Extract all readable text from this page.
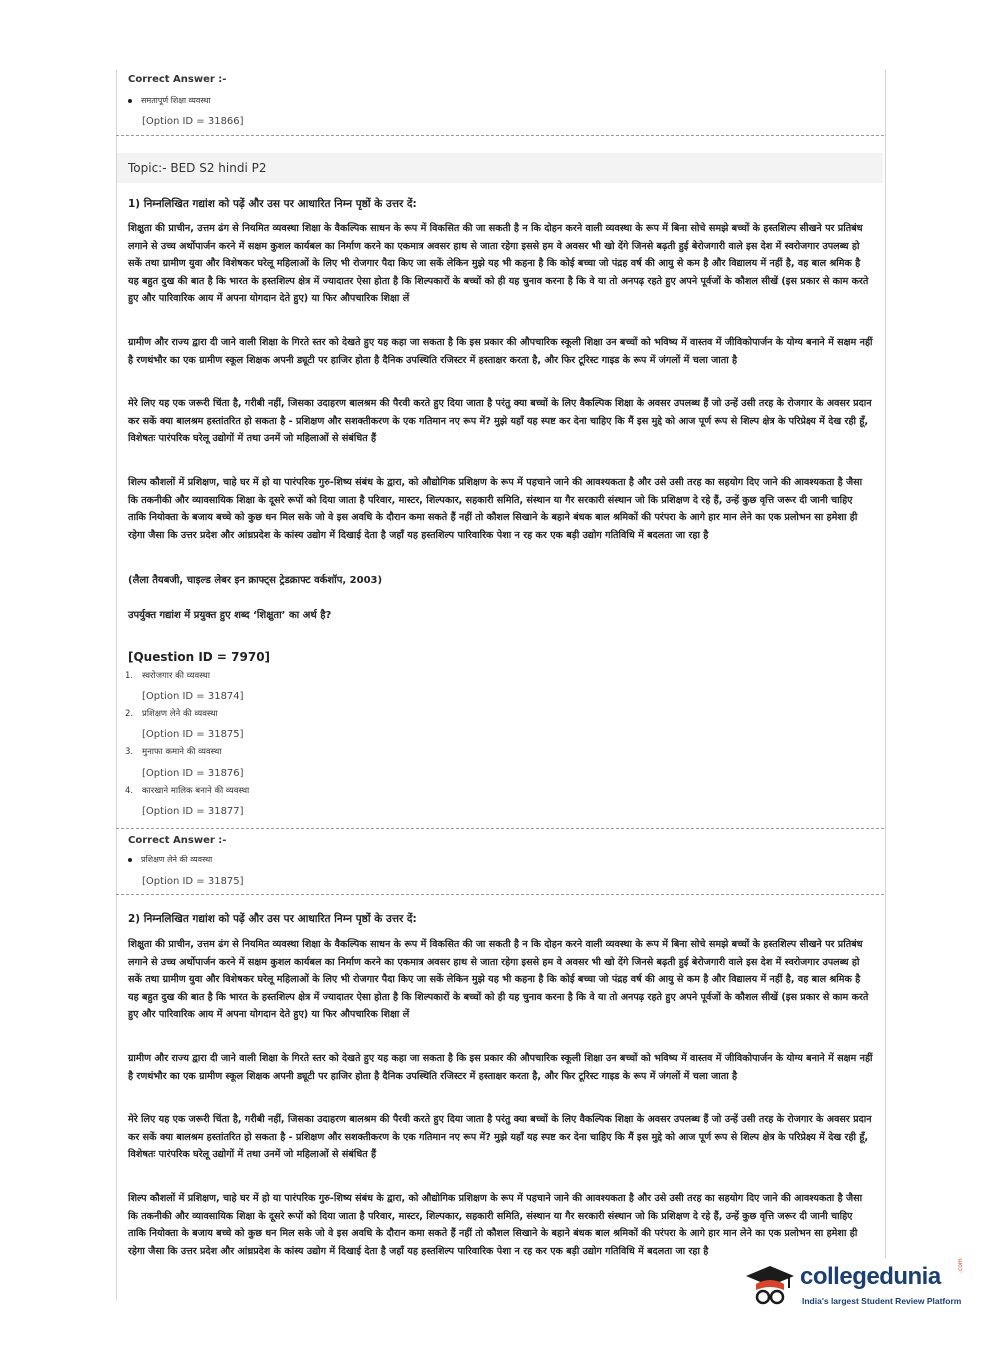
Correct Answer :-
समतापूर्ण शिक्षा व्यवस्था
[Option ID = 31866]
Topic:- BED S2 hindi P2
1) निम्नलिखित गद्यांश को पढ़ें और उस पर आधारित निम्न पृष्ठों के उत्तर दें:

शिक्षुता की प्राचीन, उत्तम ढंग से नियमित व्यवस्था शिक्षा के वैकल्पिक साधन के रूप में विकसित की जा सकती है न कि दोहन करने वाली व्यवस्था के रूप में बिना सोचे समझे बच्चों के हस्तशिल्प सीखने पर प्रतिबंध लगाने से उच्च अर्थोपार्जन करने में सक्षम कुशल कार्यबल का निर्माण करने का एकमात्र अवसर हाथ से जाता रहेगा इससे हम वे अवसर भी खो देंगे जिनसे बढ़ती हुई बेरोजगारी वाले इस देश में स्वरोजगार उपलब्ध हो सकें तथा ग्रामीण युवा और विशेषकर घरेलू महिलाओं के लिए भी रोजगार पैदा किए जा सकें लेकिन मुझे यह भी कहना है कि कोई बच्चा जो पंद्रह वर्ष की आयु से कम है और विद्यालय में नहीं है, वह बाल श्रमिक है यह बहुत दुख की बात है कि भारत के हस्तशिल्प क्षेत्र में ज्यादातर ऐसा होता है कि शिल्पकारों के बच्चों को ही यह चुनाव करना है कि वे या तो अनपढ़ रहते हुए अपने पूर्वजों के कौशल सीखें (इस प्रकार से काम करते हुए और पारिवारिक आय में अपना योगदान देते हुए) या फिर औपचारिक शिक्षा लें

ग्रामीण और राज्य द्वारा दी जाने वाली शिक्षा के गिरते स्तर को देखते हुए यह कहा जा सकता है कि इस प्रकार की औपचारिक स्कूली शिक्षा उन बच्चों को भविष्य में वास्तव में जीविकोपार्जन के योग्य बनाने में सक्षम नहीं है रणथंभौर का एक ग्रामीण स्कूल शिक्षक अपनी ड्यूटी पर हाजिर होता है दैनिक उपस्थिति रजिस्टर में हस्ताक्षर करता है, और फिर टूरिस्ट गाइड के रूप में जंगलों में चला जाता है

मेरे लिए यह एक जरूरी चिंता है, गरीबी नहीं, जिसका उदाहरण बालश्रम की पैरवी करते हुए दिया जाता है परंतु क्या बच्चों के लिए वैकल्पिक शिक्षा के अवसर उपलब्ध हैं जो उन्हें उसी तरह के रोजगार के अवसर प्रदान कर सकें क्या बालश्रम हस्तांतरित हो सकता है - प्रशिक्षण और सशक्तीकरण के एक गतिमान नए रूप में? मुझे यहाँ यह स्पष्ट कर देना चाहिए कि मैं इस मुद्दे को आज पूर्ण रूप से शिल्प क्षेत्र के परिप्रेक्ष्य में देख रही हूँ, विशेषतः पारंपरिक घरेलू उद्योगों में तथा उनमें जो महिलाओं से संबंधित हैं

शिल्प कौशलों में प्रशिक्षण, चाहे घर में हो या पारंपरिक गुरु-शिष्य संबंध के द्वारा, को औद्योगिक प्रशिक्षण के रूप में पहचाने जाने की आवश्यकता है और उसे उसी तरह का सहयोग दिए जाने की आवश्यकता है जैसा कि तकनीकी और व्यावसायिक शिक्षा के दूसरे रूपों को दिया जाता है परिवार, मास्टर, शिल्पकार, सहकारी समिति, संस्थान या गैर सरकारी संस्थान जो कि प्रशिक्षण दे रहे हैं, उन्हें कुछ वृत्ति जरूर दी जानी चाहिए ताकि नियोक्ता के बजाय बच्चे को कुछ धन मिल सके जो वे इस अवधि के दौरान कमा सकते हैं नहीं तो कौशल सिखाने के बहाने बंधक बाल श्रमिकों की परंपरा के आगे हार मान लेने का एक प्रलोभन सा हमेशा ही रहेगा जैसा कि उत्तर प्रदेश और आंध्रप्रदेश के कांस्य उद्योग में दिखाई देता है जहाँ यह हस्तशिल्प पारिवारिक पेशा न रह कर एक बड़ी उद्योग गतिविधि में बदलता जा रहा है

(लैला तैयबजी, चाइल्ड लेबर इन क्राफ्ट्स ट्रेडक्राफ्ट वर्कशॉप, 2003)
उपर्युक्त गद्यांश में प्रयुक्त हुए शब्द ‘शिक्षुता’ का अर्थ है?
[Question ID = 7970]
1. स्वरोजगार की व्यवस्था
[Option ID = 31874]
2. प्रशिक्षण लेने की व्यवस्था
[Option ID = 31875]
3. मुनाफा कमाने की व्यवस्था
[Option ID = 31876]
4. कारखाने मालिक बनाने की व्यवस्था
[Option ID = 31877]
Correct Answer :-
प्रशिक्षण लेने की व्यवस्था
[Option ID = 31875]
2) निम्नलिखित गद्यांश को पढ़ें और उस पर आधारित निम्न पृष्ठों के उत्तर दें:

शिक्षुता की प्राचीन, उत्तम ढंग से नियमित व्यवस्था शिक्षा के वैकल्पिक साधन के रूप में विकसित की जा सकती है न कि दोहन करने वाली व्यवस्था के रूप में बिना सोचे समझे बच्चों के हस्तशिल्प सीखने पर प्रतिबंध लगाने से उच्च अर्थोपार्जन करने में सक्षम कुशल कार्यबल का निर्माण करने का एकमात्र अवसर हाथ से जाता रहेगा इससे हम वे अवसर भी खो देंगे जिनसे बढ़ती हुई बेरोजगारी वाले इस देश में स्वरोजगार उपलब्ध हो सकें तथा ग्रामीण युवा और विशेषकर घरेलू महिलाओं के लिए भी रोजगार पैदा किए जा सकें लेकिन मुझे यह भी कहना है कि कोई बच्चा जो पंद्रह वर्ष की आयु से कम है और विद्यालय में नहीं है, वह बाल श्रमिक है यह बहुत दुख की बात है कि भारत के हस्तशिल्प क्षेत्र में ज्यादातर ऐसा होता है कि शिल्पकारों के बच्चों को ही यह चुनाव करना है कि वे या तो अनपढ़ रहते हुए अपने पूर्वजों के कौशल सीखें (इस प्रकार से काम करते हुए और पारिवारिक आय में अपना योगदान देते हुए) या फिर औपचारिक शिक्षा लें

ग्रामीण और राज्य द्वारा दी जाने वाली शिक्षा के गिरते स्तर को देखते हुए यह कहा जा सकता है कि इस प्रकार की औपचारिक स्कूली शिक्षा उन बच्चों को भविष्य में वास्तव में जीविकोपार्जन के योग्य बनाने में सक्षम नहीं है रणथंभौर का एक ग्रामीण स्कूल शिक्षक अपनी ड्यूटी पर हाजिर होता है दैनिक उपस्थिति रजिस्टर में हस्ताक्षर करता है, और फिर टूरिस्ट गाइड के रूप में जंगलों में चला जाता है

मेरे लिए यह एक जरूरी चिंता है, गरीबी नहीं, जिसका उदाहरण बालश्रम की पैरवी करते हुए दिया जाता है परंतु क्या बच्चों के लिए वैकल्पिक शिक्षा के अवसर उपलब्ध हैं जो उन्हें उसी तरह के रोजगार के अवसर प्रदान कर सकें क्या बालश्रम हस्तांतरित हो सकता है - प्रशिक्षण और सशक्तीकरण के एक गतिमान नए रूप में? मुझे यहाँ यह स्पष्ट कर देना चाहिए कि मैं इस मुद्दे को आज पूर्ण रूप से शिल्प क्षेत्र के परिप्रेक्ष्य में देख रही हूँ, विशेषतः पारंपरिक घरेलू उद्योगों में तथा उनमें जो महिलाओं से संबंधित हैं

शिल्प कौशलों में प्रशिक्षण, चाहे घर में हो या पारंपरिक गुरु-शिष्य संबंध के द्वारा, को औद्योगिक प्रशिक्षण के रूप में पहचाने जाने की आवश्यकता है और उसे उसी तरह का सहयोग दिए जाने की आवश्यकता है जैसा कि तकनीकी और व्यावसायिक शिक्षा के दूसरे रूपों को दिया जाता है परिवार, मास्टर, शिल्पकार, सहकारी समिति, संस्थान या गैर सरकारी संस्थान जो कि प्रशिक्षण दे रहे हैं, उन्हें कुछ वृत्ति जरूर दी जानी चाहिए ताकि नियोक्ता के बजाय बच्चे को कुछ धन मिल सके जो वे इस अवधि के दौरान कमा सकते हैं नहीं तो कौशल सिखाने के बहाने बंधक बाल श्रमिकों की परंपरा के आगे हार मान लेने का एक प्रलोभन सा हमेशा ही रहेगा जैसा कि उत्तर प्रदेश और आंध्रप्रदेश के कांस्य उद्योग में दिखाई देता है जहाँ यह हस्तशिल्प पारिवारिक पेशा न रह कर एक बड़ी उद्योग गतिविधि में बदलता जा रहा है

collegedunia	.com
India's largest Student Review Platform
